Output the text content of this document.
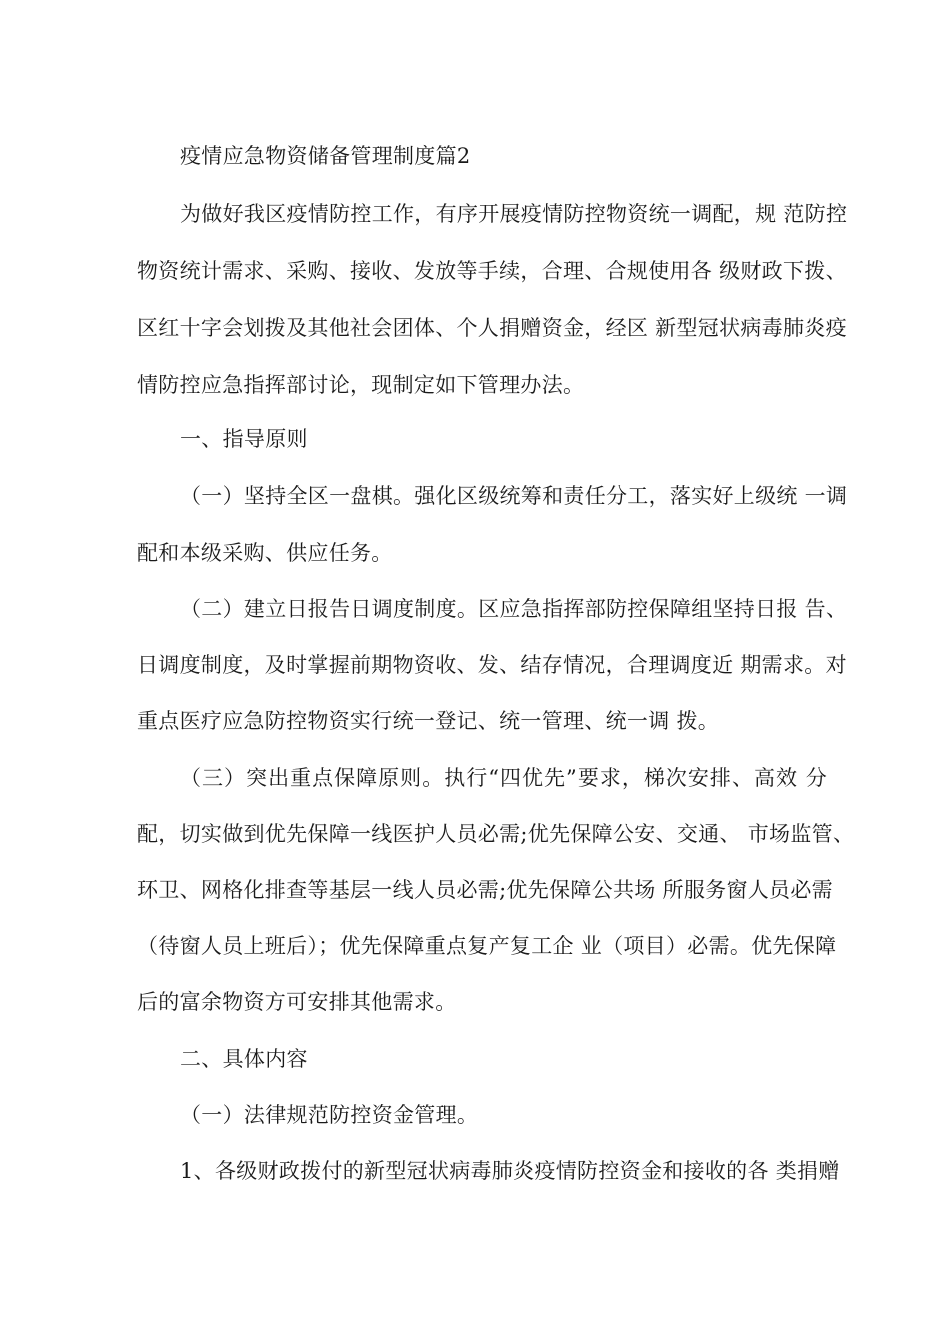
疫情应急物资储备管理制度篇2
为做好我区疫情防控工作，有序开展疫情防控物资统一调配，规 范防控
物资统计需求、采购、接收、发放等手续，合理、合规使用各 级财政下拨、
区红十字会划拨及其他社会团体、个人捐赠资金，经区 新型冠状病毒肺炎疫
情防控应急指挥部讨论，现制定如下管理办法。
一、指导原则
（一）坚持全区一盘棋。强化区级统筹和责任分工，落实好上级统 一调
配和本级采购、供应任务。
（二）建立日报告日调度制度。区应急指挥部防控保障组坚持日报 告、
日调度制度，及时掌握前期物资收、发、结存情况，合理调度近 期需求。对
重点医疗应急防控物资实行统一登记、统一管理、统一调 拨。
（三）突出重点保障原则。执行“四优先”要求，梯次安排、高效 分
配，切实做到优先保障一线医护人员必需;优先保障公安、交通、 市场监管、
环卫、网格化排查等基层一线人员必需;优先保障公共场 所服务窗人员必需
（待窗人员上班后）；优先保障重点复产复工企 业（项目）必需。优先保障
后的富余物资方可安排其他需求。
二、具体内容
（一）法律规范防控资金管理。
1、各级财政拨付的新型冠状病毒肺炎疫情防控资金和接收的各 类捐赠
